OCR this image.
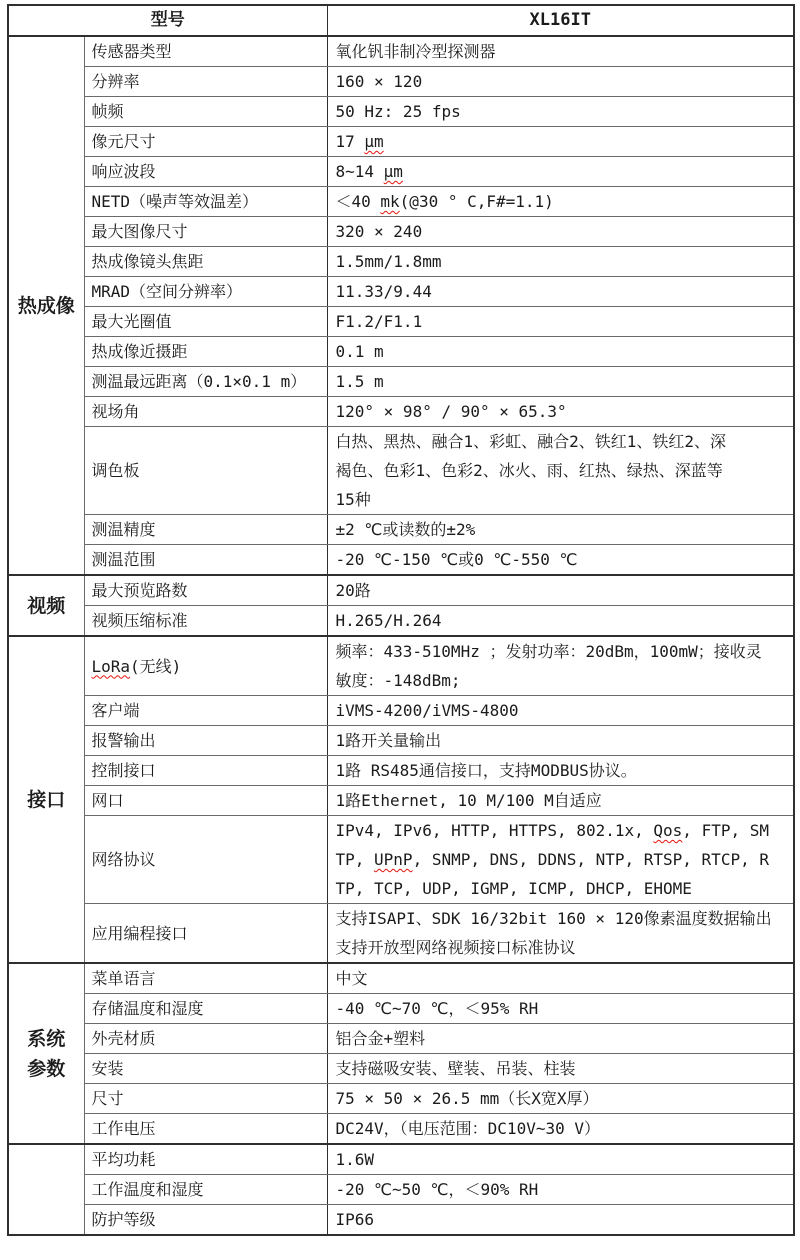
型号		XL16IT

热成像	传感器类型	氧化钒非制冷型探测器
	分辨率	160 × 120
	帧频	50 Hz: 25 fps
	像元尺寸	17 μm
	响应波段	8~14 μm
	NETD（噪声等效温差）	＜40 mk(@30 ° C,F#=1.1)
	最大图像尺寸	320 × 240
	热成像镜头焦距	1.5mm/1.8mm
	MRAD（空间分辨率）	11.33/9.44
	最大光圈值	F1.2/F1.1
	热成像近摄距	0.1 m
	测温最远距离（0.1×0.1 m）	1.5 m
	视场角	120° × 98° / 90° × 65.3°
	调色板	白热、黑热、融合1、彩虹、融合2、铁红1、铁红2、深
褐色、色彩1、色彩2、冰火、雨、红热、绿热、深蓝等
15种

	测温精度	±2 ℃或读数的±2%
	测温范围	-20 ℃-150 ℃或0 ℃-550 ℃

视频	最大预览路数	20路
	视频压缩标准	H.265/H.264

接口	LoRa(无线)	频率：433-510MHz ；发射功率：20dBm，100mW；接收灵敏度：-148dBm;
	客户端	iVMS-4200/iVMS-4800
	报警输出	1路开关量输出
	控制接口	1路 RS485通信接口，支持MODBUS协议。
	网口	1路Ethernet, 10 M/100 M自适应
	网络协议	IPv4, IPv6, HTTP, HTTPS, 802.1x, Qos, FTP, SMTP, UPnP, SNMP, DNS, DDNS, NTP, RTSP, RTCP, RTP, TCP, UDP, IGMP, ICMP, DHCP, EHOME
	应用编程接口	支持ISAPI、SDK 16/32bit 160 × 120像素温度数据输出
支持开放型网络视频接口标准协议

系统
参数	菜单语言	中文
	存储温度和湿度	-40 ℃~70 ℃，＜95% RH
	外壳材质	铝合金+塑料
	安装	支持磁吸安装、壁装、吊装、柱装
	尺寸	75 × 50 × 26.5 mm（长X宽X厚）
	工作电压	DC24V，（电压范围：DC10V~30 V）
	平均功耗	1.6W
	工作温度和湿度	-20 ℃~50 ℃，＜90% RH
	防护等级	IP66
